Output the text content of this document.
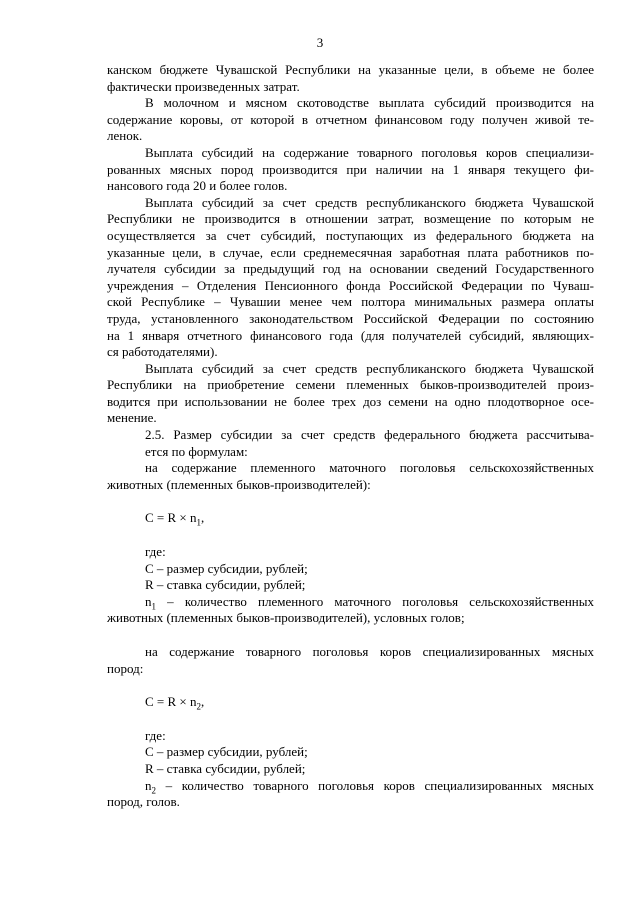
3
канском бюджете Чувашской Республики на указанные цели, в объеме не более
фактически произведенных затрат.
В молочном и мясном скотоводстве выплата субсидий производится на
содержание коровы, от которой в отчетном финансовом году получен живой те-
ленок.
Выплата субсидий на содержание товарного поголовья коров специализи-
рованных мясных пород производится при наличии на 1 января текущего фи-
нансового года 20 и более голов.
Выплата субсидий за счет средств республиканского бюджета Чувашской
Республики не производится в отношении затрат, возмещение по которым не
осуществляется за счет субсидий, поступающих из федерального бюджета на
указанные цели, в случае, если среднемесячная заработная плата работников по-
лучателя субсидии за предыдущий год на основании сведений Государственного
учреждения – Отделения Пенсионного фонда Российской Федерации по Чуваш-
ской Республике – Чувашии менее чем полтора минимальных размера оплаты
труда, установленного законодательством Российской Федерации по состоянию
на 1 января отчетного финансового года (для получателей субсидий, являющих-
ся работодателями).
Выплата субсидий за счет средств республиканского бюджета Чувашской
Республики на приобретение семени племенных быков-производителей произ-
водится при использовании не более трех доз семени на одно плодотворное осе-
менение.
2.5. Размер субсидии за счет средств федерального бюджета рассчитыва-
ется по формулам:
на содержание племенного маточного поголовья сельскохозяйственных
животных (племенных быков-производителей):
$C = R \times n_1$,
где:
C – размер субсидии, рублей;
R – ставка субсидии, рублей;
$n_1$ – количество племенного маточного поголовья сельскохозяйственных
животных (племенных быков-производителей), условных голов;
на содержание товарного поголовья коров специализированных мясных
пород:
$C = R \times n_2$,
где:
C – размер субсидии, рублей;
R – ставка субсидии, рублей;
$n_2$ – количество товарного поголовья коров специализированных мясных
пород, голов.
